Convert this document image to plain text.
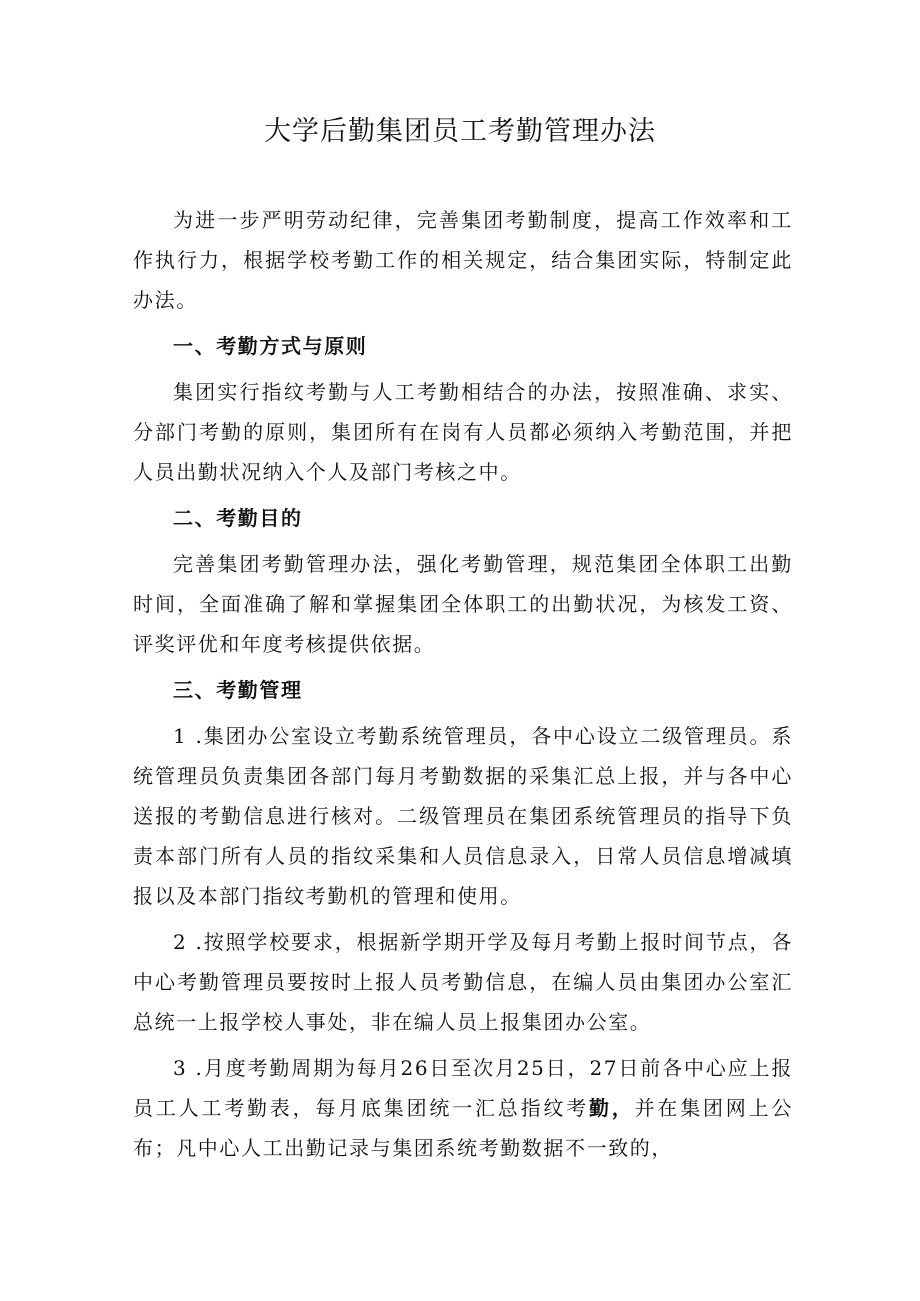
大学后勤集团员工考勤管理办法

为进一步严明劳动纪律，完善集团考勤制度，提高工作效率和工作执行力，根据学校考勤工作的相关规定，结合集团实际，特制定此办法。

一、考勤方式与原则

集团实行指纹考勤与人工考勤相结合的办法，按照准确、求实、分部门考勤的原则，集团所有在岗有人员都必须纳入考勤范围，并把人员出勤状况纳入个人及部门考核之中。

二、考勤目的

完善集团考勤管理办法，强化考勤管理，规范集团全体职工出勤时间，全面准确了解和掌握集团全体职工的出勤状况，为核发工资、评奖评优和年度考核提供依据。

三、考勤管理

1 .集团办公室设立考勤系统管理员，各中心设立二级管理员。系统管理员负责集团各部门每月考勤数据的采集汇总上报，并与各中心送报的考勤信息进行核对。二级管理员在集团系统管理员的指导下负责本部门所有人员的指纹采集和人员信息录入，日常人员信息增减填报以及本部门指纹考勤机的管理和使用。

2 .按照学校要求，根据新学期开学及每月考勤上报时间节点，各中心考勤管理员要按时上报人员考勤信息，在编人员由集团办公室汇总统一上报学校人事处，非在编人员上报集团办公室。

3 .月度考勤周期为每月26日至次月25日，27日前各中心应上报员工人工考勤表，每月底集团统一汇总指纹考勤，并在集团网上公布；凡中心人工出勤记录与集团系统考勤数据不一致的，
